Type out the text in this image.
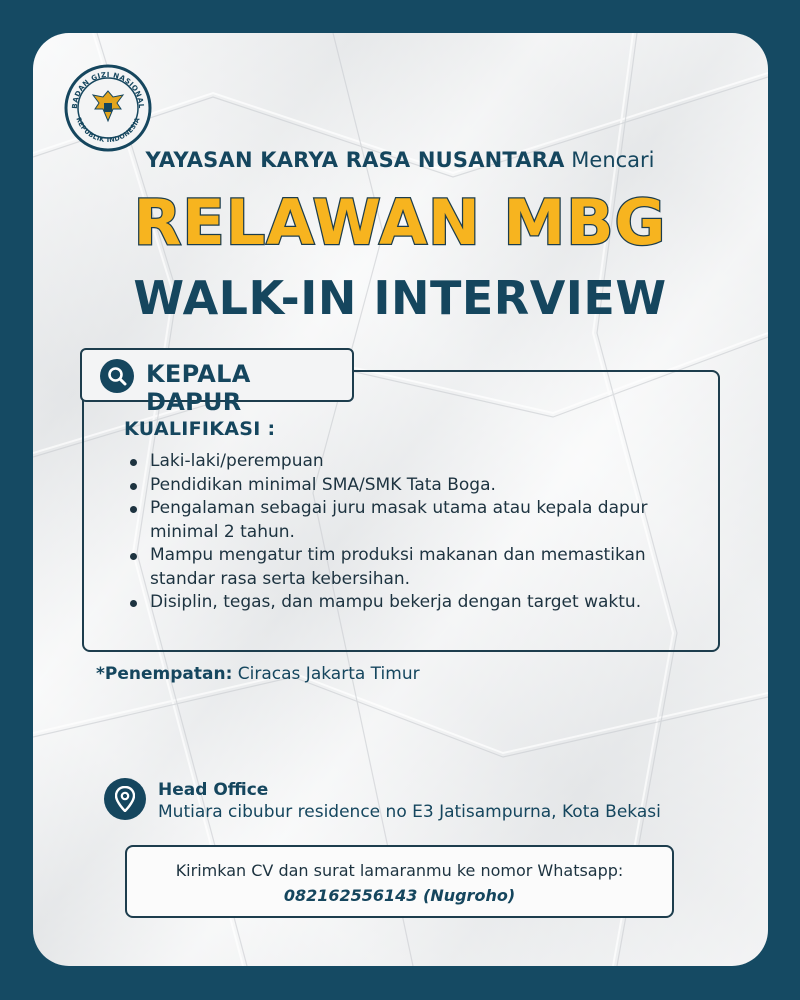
BADAN GIZI NASIONAL
REPUBLIK INDONESIA
YAYASAN KARYA RASA NUSANTARA Mencari
RELAWAN MBG
WALK-IN INTERVIEW
KEPALA DAPUR
KUALIFIKASI :
Laki-laki/perempuan
Pendidikan minimal SMA/SMK Tata Boga.
Pengalaman sebagai juru masak utama atau kepala dapur minimal 2 tahun.
Mampu mengatur tim produksi makanan dan memastikan standar rasa serta kebersihan.
Disiplin, tegas, dan mampu bekerja dengan target waktu.
*Penempatan: Ciracas Jakarta Timur
Head Office
Mutiara cibubur residence no E3 Jatisampurna, Kota Bekasi
Kirimkan CV dan surat lamaranmu ke nomor Whatsapp:
082162556143 (Nugroho)
